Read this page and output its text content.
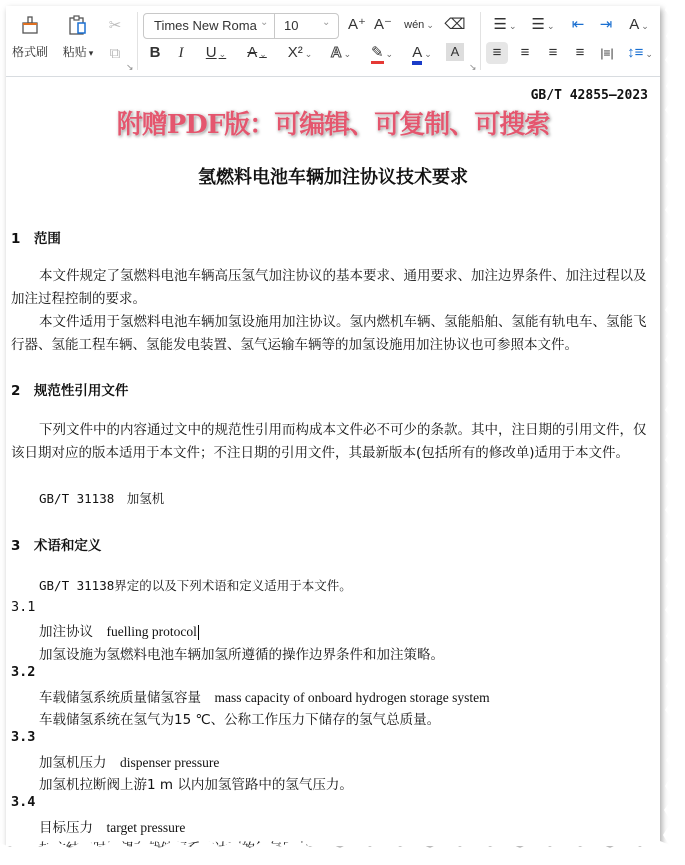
格式刷	粘贴 ▾
✂
⧉
↘
Times New Roma ⌄ 10 ⌄ A⁺ A⁻ wén ⌄ ⌫
B	I	U ⌄	A ⌄	X² ⌄	A ⌄	✎ ⌄	A ⌄	A
↘
☰ ⌄ ☰ ⌄ ⇤ ⇥	A ⌄
≡	≡	≡	≡	|≡| ↕≡ ⌄
GB/T 42855—2023
附赠PDF版：可编辑、可复制、可搜索
氢燃料电池车辆加注协议技术要求
1　范围
本文件规定了氢燃料电池车辆高压氢气加注协议的基本要求、通用要求、加注边界条件、加注过程以及加注过程控制的要求。
本文件适用于氢燃料电池车辆加氢设施用加注协议。氢内燃机车辆、氢能船舶、氢能有轨电车、氢能飞行器、氢能工程车辆、氢能发电装置、氢气运输车辆等的加氢设施用加注协议也可参照本文件。
2　规范性引用文件
下列文件中的内容通过文中的规范性引用而构成本文件必不可少的条款。其中，注日期的引用文件，仅该日期对应的版本适用于本文件；不注日期的引用文件，其最新版本(包括所有的修改单)适用于本文件。
GB/T 31138　加氢机
3　术语和定义
GB/T 31138界定的以及下列术语和定义适用于本文件。
3.1
加注协议  fuelling protocol
加氢设施为氢燃料电池车辆加氢所遵循的操作边界条件和加注策略。
3.2
车载储氢系统质量储氢容量  mass capacity of onboard hydrogen storage system
车载储氢系统在氢气为15 ℃、公称工作压力下储存的氢气总质量。
3.3
加氢机压力  dispenser pressure
加氢机拉断阀上游1 m 以内加氢管路中的氢气压力。
3.4
目标压力  target pressure
